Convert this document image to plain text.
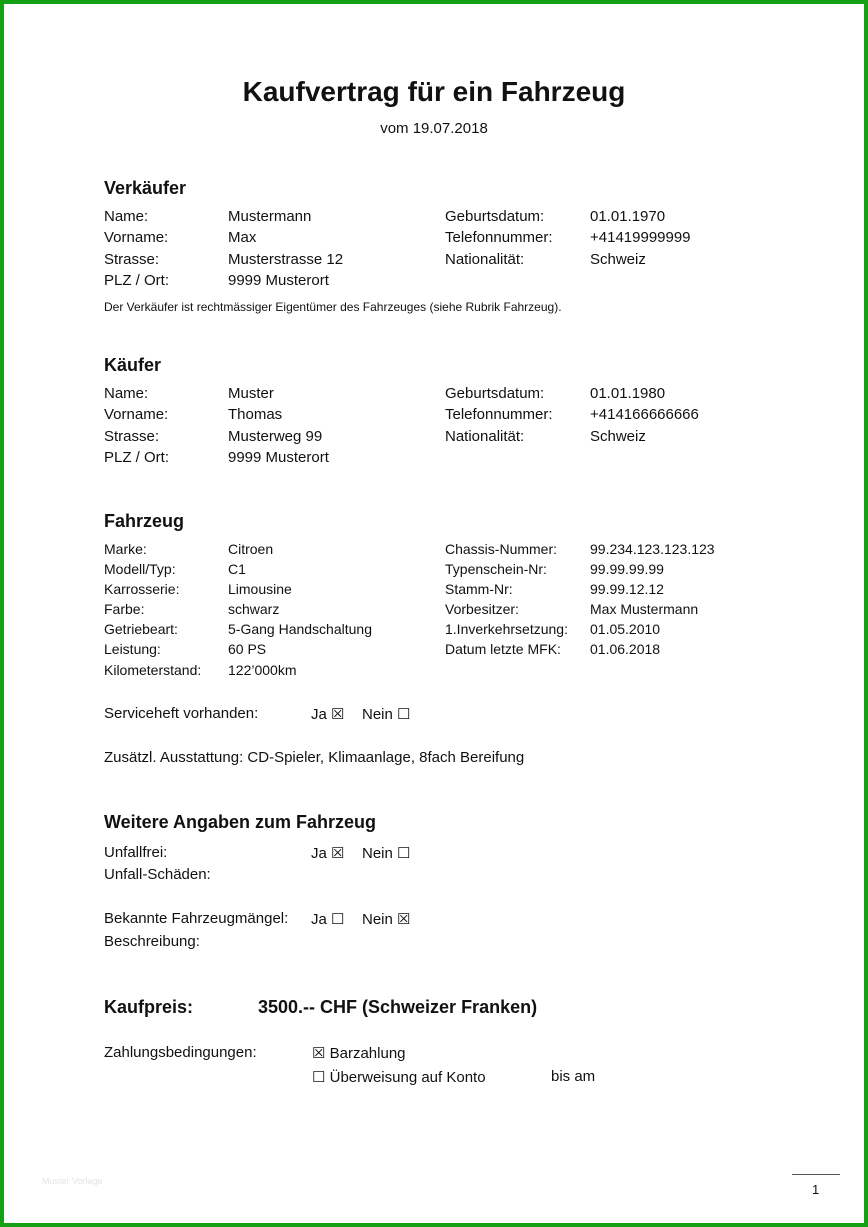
Kaufvertrag für ein Fahrzeug
vom 19.07.2018
Verkäufer
Name:	Mustermann	Geburtsdatum:	01.01.1970
Vorname:	Max	Telefonnummer: +41419999999
Strasse:	Musterstrasse 12	Nationalität:	Schweiz
PLZ / Ort:	9999 Musterort
Der Verkäufer ist rechtmässiger Eigentümer des Fahrzeuges (siehe Rubrik Fahrzeug).
Käufer
Name:	Muster	Geburtsdatum:	01.01.1980
Vorname:	Thomas	Telefonnummer: +414166666666
Strasse:	Musterweg 99	Nationalität:	Schweiz
PLZ / Ort:	9999 Musterort
Fahrzeug
Marke:	Citroen	Chassis-Nummer: 99.234.123.123.123
Modell/Typ:	C1	Typenschein-Nr:	99.99.99.99
Karrosserie:	Limousine	Stamm-Nr:	99.99.12.12
Farbe:	schwarz	Vorbesitzer:	Max Mustermann
Getriebeart:	5-Gang Handschaltung	1.Inverkehrsetzung: 01.05.2010
Leistung:	60 PS	Datum letzte MFK: 01.06.2018
Kilometerstand: 122’000km
Serviceheft vorhanden:	Ja ☒ Nein ☐
Zusätzl. Ausstattung: CD-Spieler, Klimaanlage, 8fach Bereifung
Weitere Angaben zum Fahrzeug
Unfallfrei:	Ja ☒ Nein ☐
Unfall-Schäden:
Bekannte Fahrzeugmängel: Ja ☐ Nein ☒
Beschreibung:
Kaufpreis:	3500.-- CHF (Schweizer Franken)
Zahlungsbedingungen:	☒ Barzahlung
☐ Überweisung auf Konto	bis am
Muster Vorlage
1
